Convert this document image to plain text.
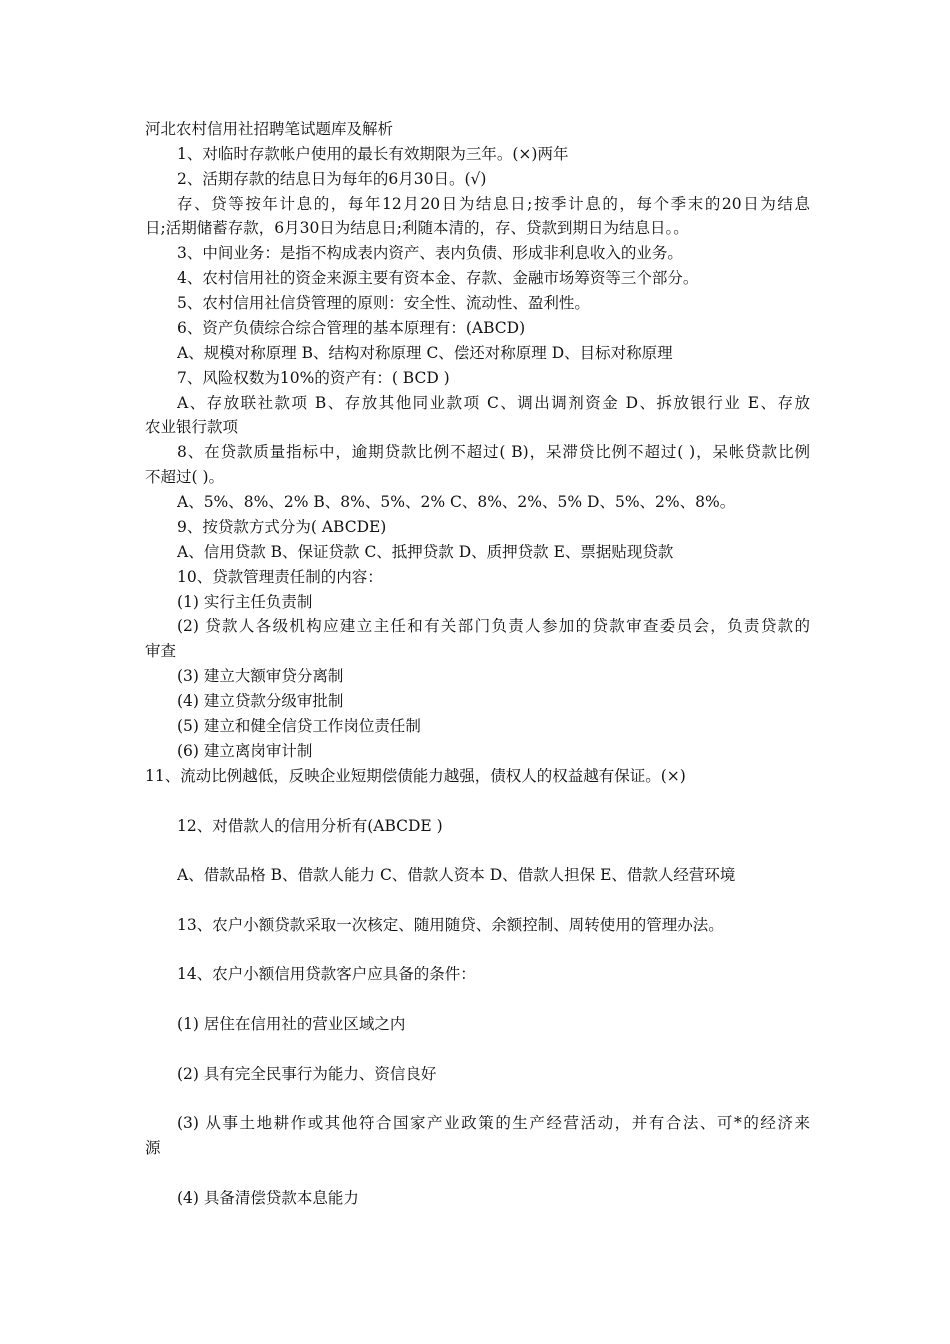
河北农村信用社招聘笔试题库及解析
1、对临时存款帐户使用的最长有效期限为三年。(×)两年
2、活期存款的结息日为每年的6月30日。(√)
存、贷等按年计息的，每年12月20日为结息日;按季计息的，每个季末的20日为结息
日;活期储蓄存款，6月30日为结息日;利随本清的，存、贷款到期日为结息日。。
3、中间业务：是指不构成表内资产、表内负债、形成非利息收入的业务。
4、农村信用社的资金来源主要有资本金、存款、金融市场筹资等三个部分。
5、农村信用社信贷管理的原则：安全性、流动性、盈利性。
6、资产负债综合综合管理的基本原理有：(ABCD)
A、规模对称原理 B、结构对称原理 C、偿还对称原理 D、目标对称原理
7、风险权数为10%的资产有：( BCD )
A、存放联社款项 B、存放其他同业款项 C、调出调剂资金 D、拆放银行业 E、存放
农业银行款项
8、在贷款质量指标中，逾期贷款比例不超过( B)，呆滞贷比例不超过( )，呆帐贷款比例
不超过( )。
A、5%、8%、2% B、8%、5%、2% C、8%、2%、5% D、5%、2%、8%。
9、按贷款方式分为( ABCDE)
A、信用贷款 B、保证贷款 C、抵押贷款 D、质押贷款 E、票据贴现贷款
10、贷款管理责任制的内容：
(1) 实行主任负责制
(2) 贷款人各级机构应建立主任和有关部门负责人参加的贷款审查委员会，负责贷款的
审查
(3) 建立大额审贷分离制
(4) 建立贷款分级审批制
(5) 建立和健全信贷工作岗位责任制
(6) 建立离岗审计制
11、流动比例越低，反映企业短期偿债能力越强，债权人的权益越有保证。(×)
12、对借款人的信用分析有(ABCDE )
A、借款品格 B、借款人能力 C、借款人资本 D、借款人担保 E、借款人经营环境
13、农户小额贷款采取一次核定、随用随贷、余额控制、周转使用的管理办法。
14、农户小额信用贷款客户应具备的条件：
(1) 居住在信用社的营业区域之内
(2) 具有完全民事行为能力、资信良好
(3) 从事土地耕作或其他符合国家产业政策的生产经营活动，并有合法、可*的经济来
源
(4) 具备清偿贷款本息能力
